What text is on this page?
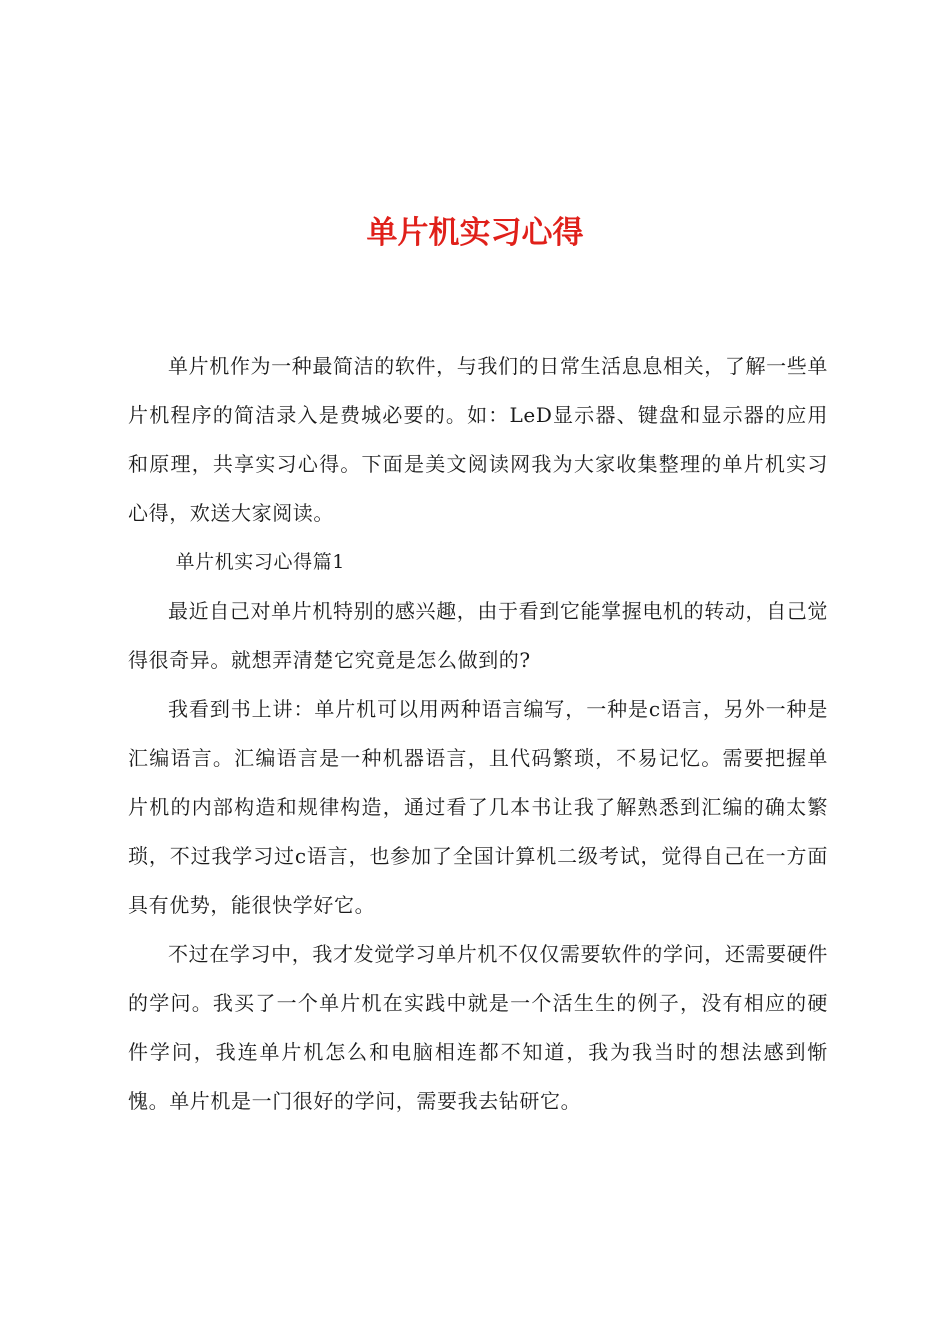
单片机实习心得

单片机作为一种最简洁的软件，与我们的日常生活息息相关，了解一些单片机程序的简洁录入是费城必要的。如：LeD显示器、键盘和显示器的应用和原理，共享实习心得。下面是美文阅读网我为大家收集整理的单片机实习心得，欢送大家阅读。

单片机实习心得篇1

最近自己对单片机特别的感兴趣，由于看到它能掌握电机的转动，自己觉得很奇异。就想弄清楚它究竟是怎么做到的?

我看到书上讲：单片机可以用两种语言编写，一种是c语言，另外一种是汇编语言。汇编语言是一种机器语言，且代码繁琐，不易记忆。需要把握单片机的内部构造和规律构造，通过看了几本书让我了解熟悉到汇编的确太繁琐，不过我学习过c语言，也参加了全国计算机二级考试，觉得自己在一方面具有优势，能很快学好它。

不过在学习中，我才发觉学习单片机不仅仅需要软件的学问，还需要硬件的学问。我买了一个单片机在实践中就是一个活生生的例子，没有相应的硬件学问，我连单片机怎么和电脑相连都不知道，我为我当时的想法感到惭愧。单片机是一门很好的学问，需要我去钻研它。
